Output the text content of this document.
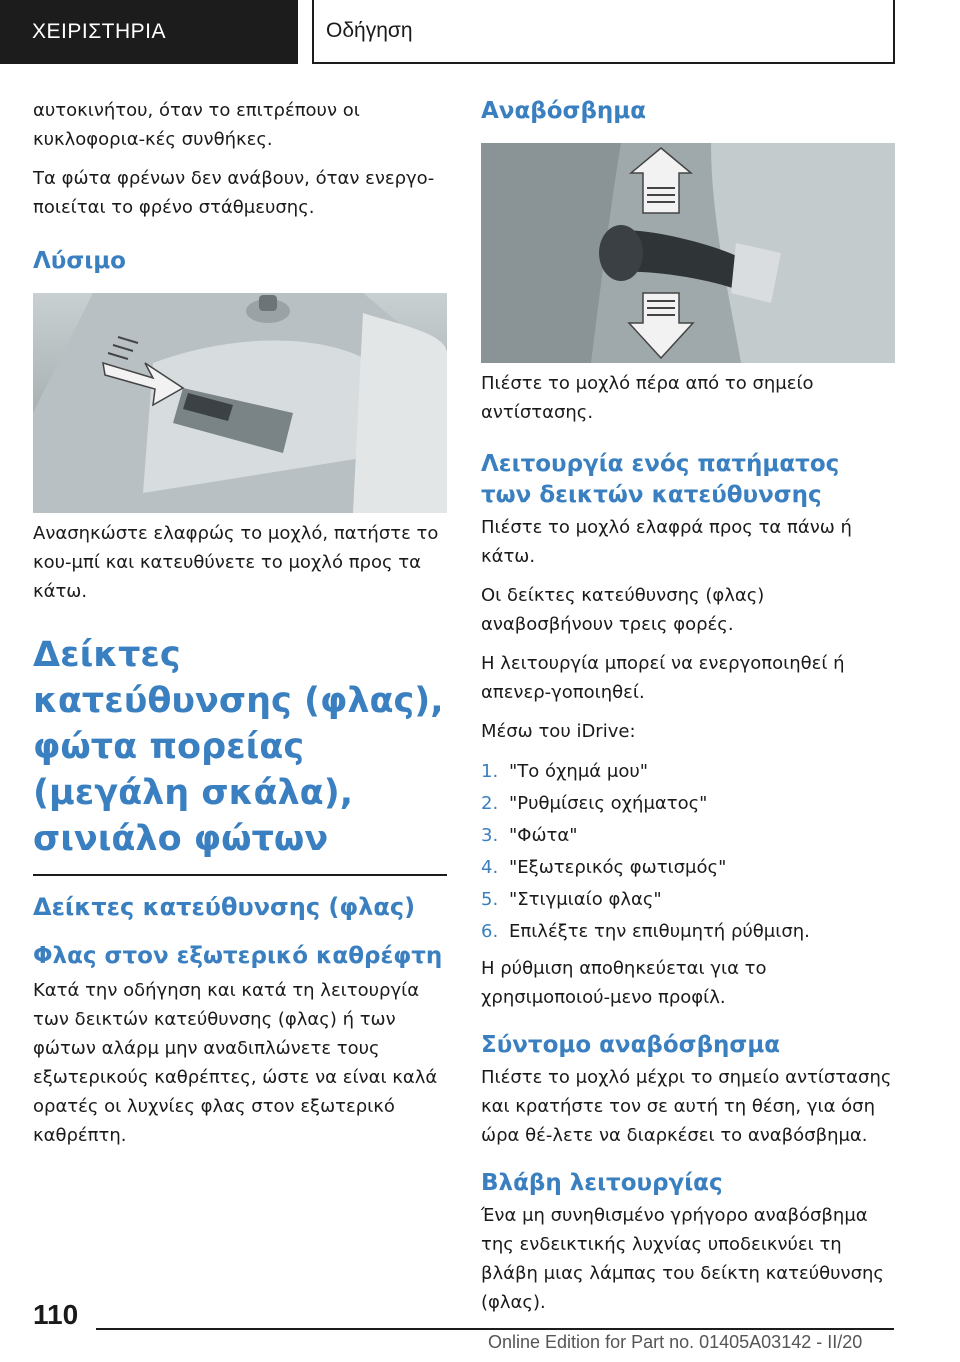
ΧΕΙΡΙΣΤΗΡΙΑ	Οδήγηση

αυτοκινήτου, όταν το επιτρέπουν οι κυκλοφορια-κές συνθήκες.

Τα φώτα φρένων δεν ανάβουν, όταν ενεργο-ποιείται το φρένο στάθμευσης.

Λύσιμο

Ανασηκώστε ελαφρώς το μοχλό, πατήστε το κου-μπί και κατευθύνετε το μοχλό προς τα κάτω.

Δείκτες κατεύθυνσης (φλας), φώτα πορείας (μεγάλη σκάλα), σινιάλο φώτων
Δείκτες κατεύθυνσης (φλας)
Φλας στον εξωτερικό καθρέφτη

Κατά την οδήγηση και κατά τη λειτουργία των δεικτών κατεύθυνσης (φλας) ή των φώτων αλάρμ μην αναδιπλώνετε τους εξωτερικούς καθρέπτες, ώστε να είναι καλά ορατές οι λυχνίες φλας στον εξωτερικό καθρέπτη.

Αναβόσβημα

Πιέστε το μοχλό πέρα από το σημείο αντίστασης.

Λειτουργία ενός πατήματος των δεικτών κατεύθυνσης

Πιέστε το μοχλό ελαφρά προς τα πάνω ή κάτω.

Οι δείκτες κατεύθυνσης (φλας) αναβοσβήνουν τρεις φορές.

Η λειτουργία μπορεί να ενεργοποιηθεί ή απενερ-γοποιηθεί.

Μέσω του iDrive:

1. "Το όχημά μου"
2. "Ρυθμίσεις οχήματος"
3. "Φώτα"
4. "Εξωτερικός φωτισμός"
5. "Στιγμιαίο φλας"
6. Επιλέξτε την επιθυμητή ρύθμιση.

Η ρύθμιση αποθηκεύεται για το χρησιμοποιού-μενο προφίλ.

Σύντομο αναβόσβησμα

Πιέστε το μοχλό μέχρι το σημείο αντίστασης και κρατήστε τον σε αυτή τη θέση, για όση ώρα θέ-λετε να διαρκέσει το αναβόσβημα.

Βλάβη λειτουργίας

Ένα μη συνηθισμένο γρήγορο αναβόσβημα της ενδεικτικής λυχνίας υποδεικνύει τη βλάβη μιας λάμπας του δείκτη κατεύθυνσης (φλας).

110
Online Edition for Part no. 01405A03142 - II/20
